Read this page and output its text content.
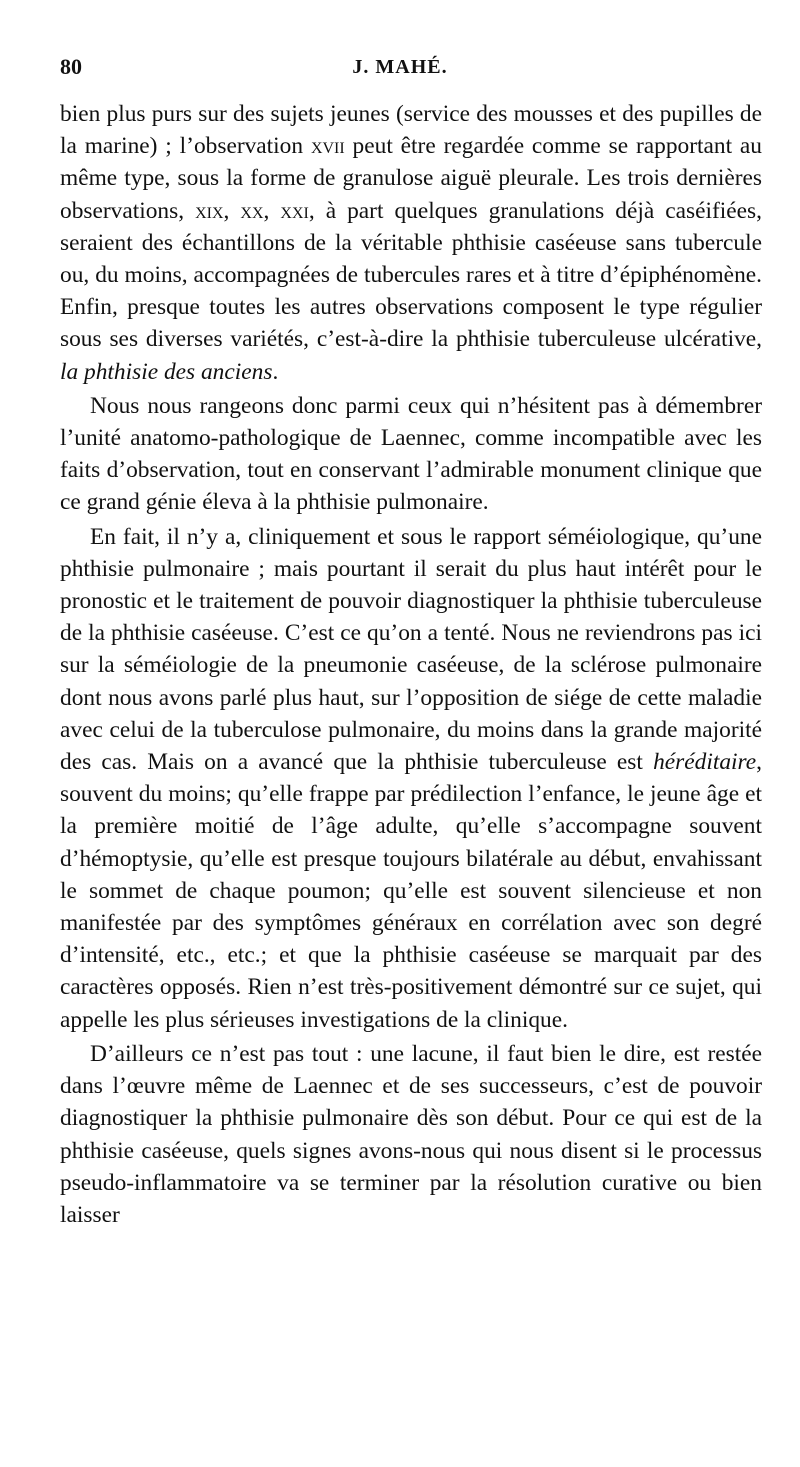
80	J. MAHÉ.

bien plus purs sur des sujets jeunes (service des mousses et des pupilles de la marine) ; l’observation xvii peut être regardée comme se rapportant au même type, sous la forme de granulose aiguë pleurale. Les trois dernières observations, xix, xx, xxi, à part quelques granulations déjà caséifiées, seraient des échantillons de la véritable phthisie caséeuse sans tubercule ou, du moins, accompagnées de tubercules rares et à titre d’épiphénomène. Enfin, presque toutes les autres observations composent le type régulier sous ses diverses variétés, c’est-à-dire la phthisie tuberculeuse ulcérative, la phthisie des anciens.

Nous nous rangeons donc parmi ceux qui n’hésitent pas à démembrer l’unité anatomo-pathologique de Laennec, comme incompatible avec les faits d’observation, tout en conservant l’admirable monument clinique que ce grand génie éleva à la phthisie pulmonaire.

En fait, il n’y a, cliniquement et sous le rapport séméiologique, qu’une phthisie pulmonaire ; mais pourtant il serait du plus haut intérêt pour le pronostic et le traitement de pouvoir diagnostiquer la phthisie tuberculeuse de la phthisie caséeuse. C’est ce qu’on a tenté. Nous ne reviendrons pas ici sur la séméiologie de la pneumonie caséeuse, de la sclérose pulmonaire dont nous avons parlé plus haut, sur l’opposition de siége de cette maladie avec celui de la tuberculose pulmonaire, du moins dans la grande majorité des cas. Mais on a avancé que la phthisie tuberculeuse est héréditaire, souvent du moins; qu’elle frappe par prédilection l’enfance, le jeune âge et la première moitié de l’âge adulte, qu’elle s’accompagne souvent d’hémoptysie, qu’elle est presque toujours bilatérale au début, envahissant le sommet de chaque poumon; qu’elle est souvent silencieuse et non manifestée par des symptômes généraux en corrélation avec son degré d’intensité, etc., etc.; et que la phthisie caséeuse se marquait par des caractères opposés. Rien n’est très-positivement démontré sur ce sujet, qui appelle les plus sérieuses investigations de la clinique.

D’ailleurs ce n’est pas tout : une lacune, il faut bien le dire, est restée dans l’œuvre même de Laennec et de ses successeurs, c’est de pouvoir diagnostiquer la phthisie pulmonaire dès son début. Pour ce qui est de la phthisie caséeuse, quels signes avons-nous qui nous disent si le processus pseudo-inflammatoire va se terminer par la résolution curative ou bien laisser
